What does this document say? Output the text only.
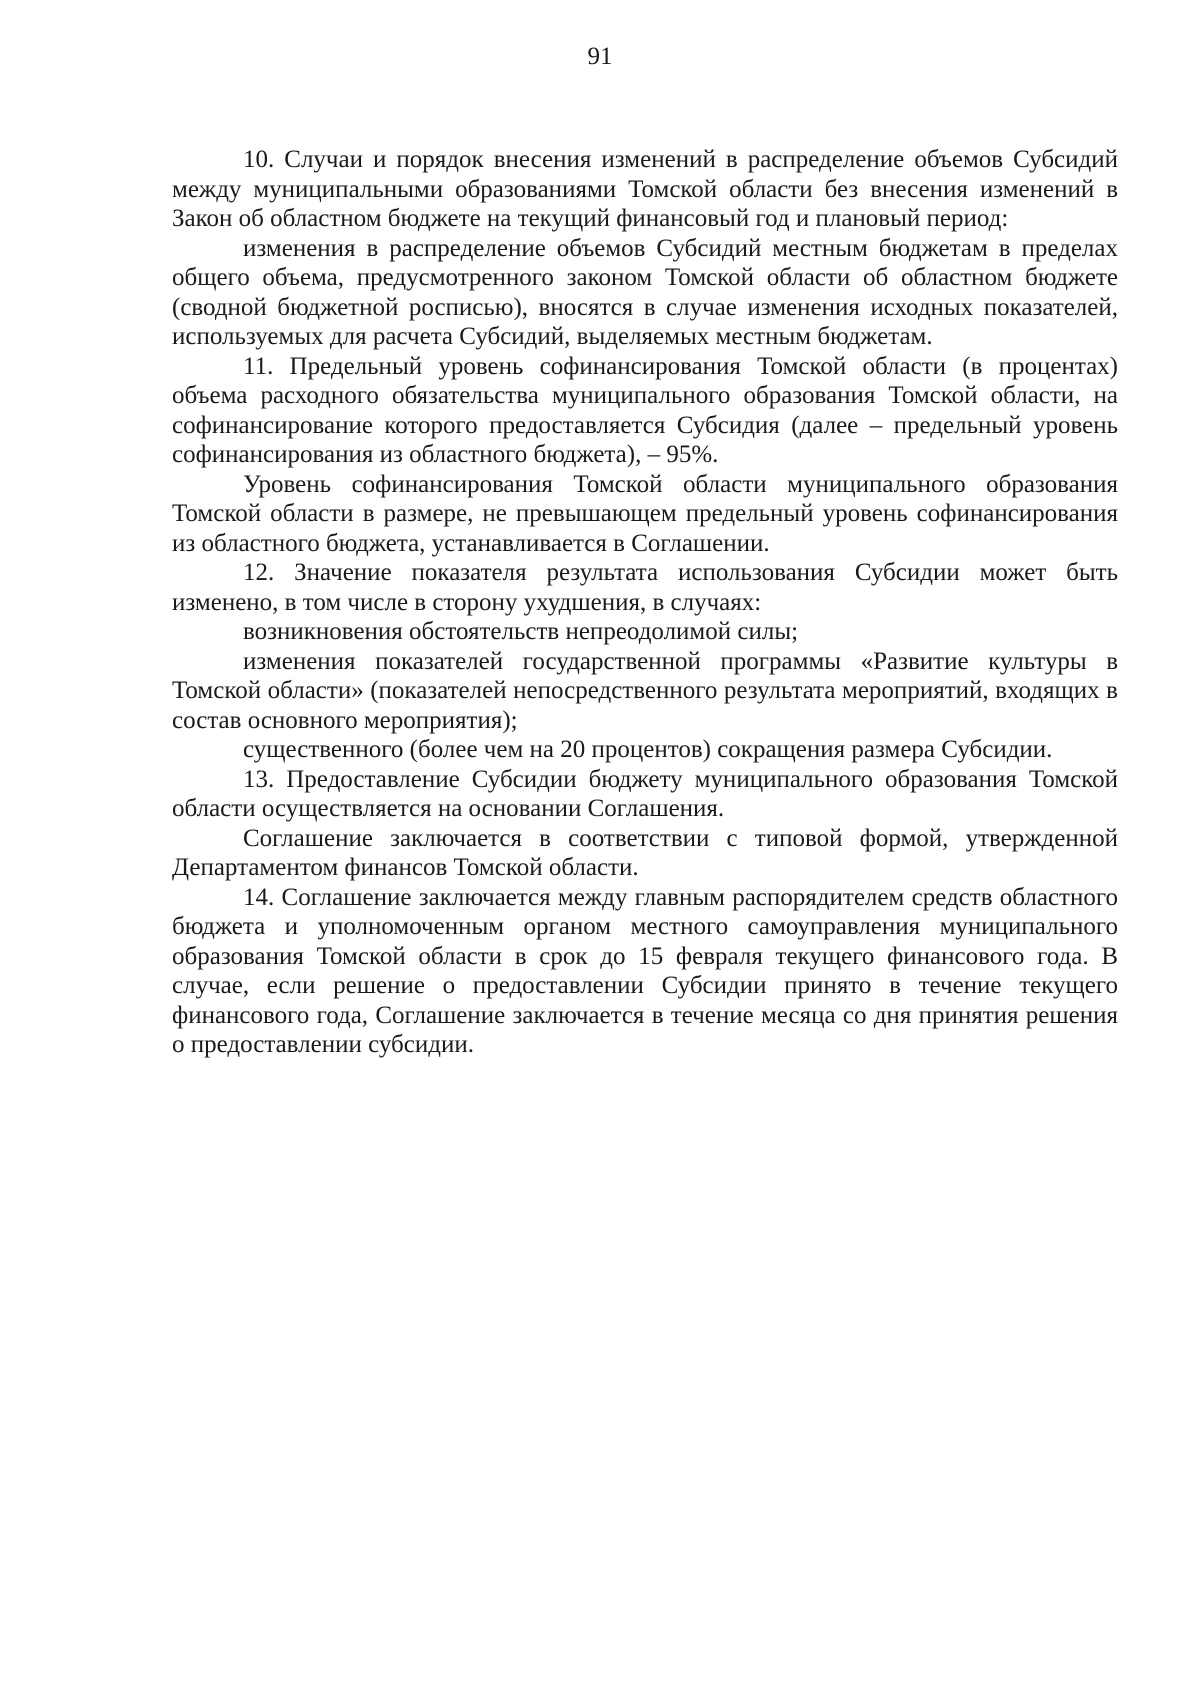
91

10. Случаи и порядок внесения изменений в распределение объемов Субсидий между муниципальными образованиями Томской области без внесения изменений в Закон об областном бюджете на текущий финансовый год и плановый период:

изменения в распределение объемов Субсидий местным бюджетам в пределах общего объема, предусмотренного законом Томской области об областном бюджете (сводной бюджетной росписью), вносятся в случае изменения исходных показателей, используемых для расчета Субсидий, выделяемых местным бюджетам.

11. Предельный уровень софинансирования Томской области (в процентах) объема расходного обязательства муниципального образования Томской области, на софинансирование которого предоставляется Субсидия (далее – предельный уровень софинансирования из областного бюджета), – 95%.

Уровень софинансирования Томской области муниципального образования Томской области в размере, не превышающем предельный уровень софинансирования из областного бюджета, устанавливается в Соглашении.

12. Значение показателя результата использования Субсидии может быть изменено, в том числе в сторону ухудшения, в случаях:

возникновения обстоятельств непреодолимой силы;

изменения показателей государственной программы «Развитие культуры в Томской области» (показателей непосредственного результата мероприятий, входящих в состав основного мероприятия);

существенного (более чем на 20 процентов) сокращения размера Субсидии.

13. Предоставление Субсидии бюджету муниципального образования Томской области осуществляется на основании Соглашения.

Соглашение заключается в соответствии с типовой формой, утвержденной Департаментом финансов Томской области.

14. Соглашение заключается между главным распорядителем средств областного бюджета и уполномоченным органом местного самоуправления муниципального образования Томской области в срок до 15 февраля текущего финансового года. В случае, если решение о предоставлении Субсидии принято в течение текущего финансового года, Соглашение заключается в течение месяца со дня принятия решения о предоставлении субсидии.
